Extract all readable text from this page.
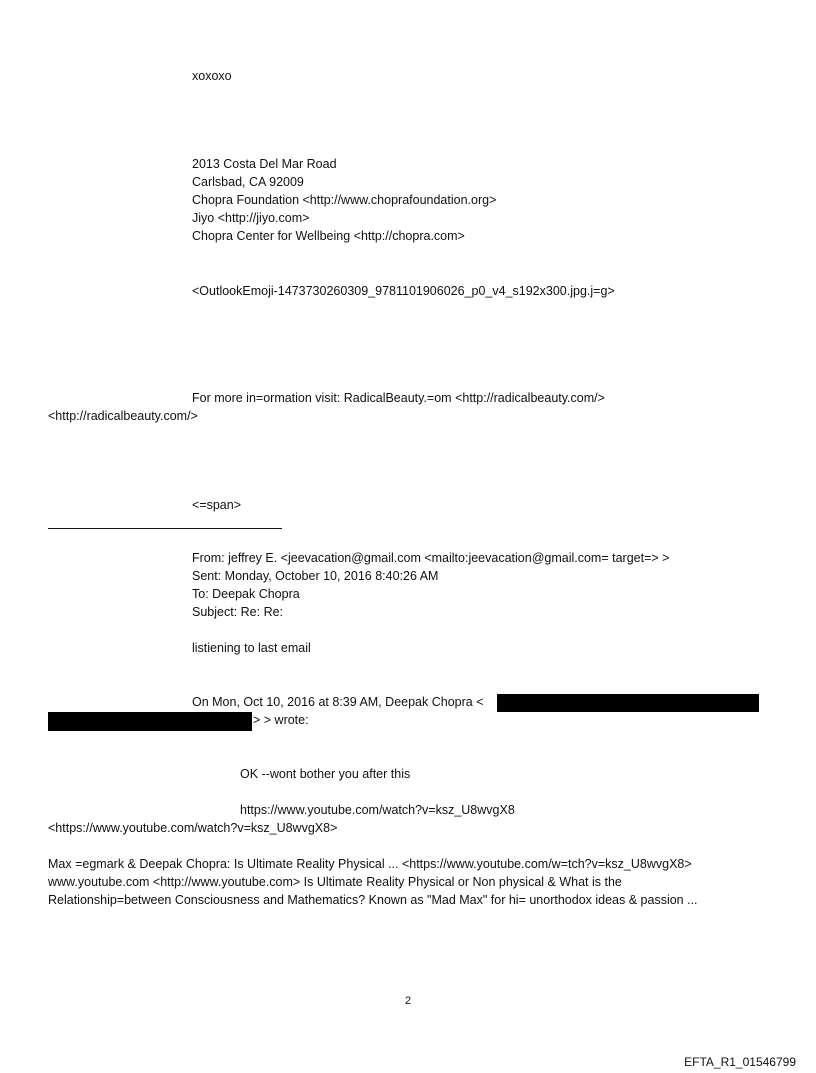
xoxoxo
2013 Costa Del Mar Road
Carlsbad, CA 92009
Chopra Foundation <http://www.choprafoundation.org>
Jiyo <http://jiyo.com>
Chopra Center for Wellbeing <http://chopra.com>
<OutlookEmoji-1473730260309_9781101906026_p0_v4_s192x300.jpg.j=g>
For more in=ormation visit: RadicalBeauty.=om <http://radicalbeauty.com/>
<http://radicalbeauty.com/>
<=span>
From: jeffrey E. <jeevacation@gmail.com <mailto:jeevacation@gmail.com= target=> >
Sent: Monday, October 10, 2016 8:40:26 AM
To: Deepak Chopra
Subject: Re: Re:
listiening to last email
On Mon, Oct 10, 2016 at 8:39 AM, Deepak Chopra <
> > wrote:
OK --wont bother you after this
https://www.youtube.com/watch?v=ksz_U8wvgX8
<https://www.youtube.com/watch?v=ksz_U8wvgX8>
Max =egmark & Deepak Chopra: Is Ultimate Reality Physical ... <https://www.youtube.com/w=tch?v=ksz_U8wvgX8>
www.youtube.com <http://www.youtube.com> Is Ultimate Reality Physical or Non physical & What is the
Relationship=between Consciousness and Mathematics? Known as "Mad Max" for hi= unorthodox ideas & passion ...
2
EFTA_R1_01546799
